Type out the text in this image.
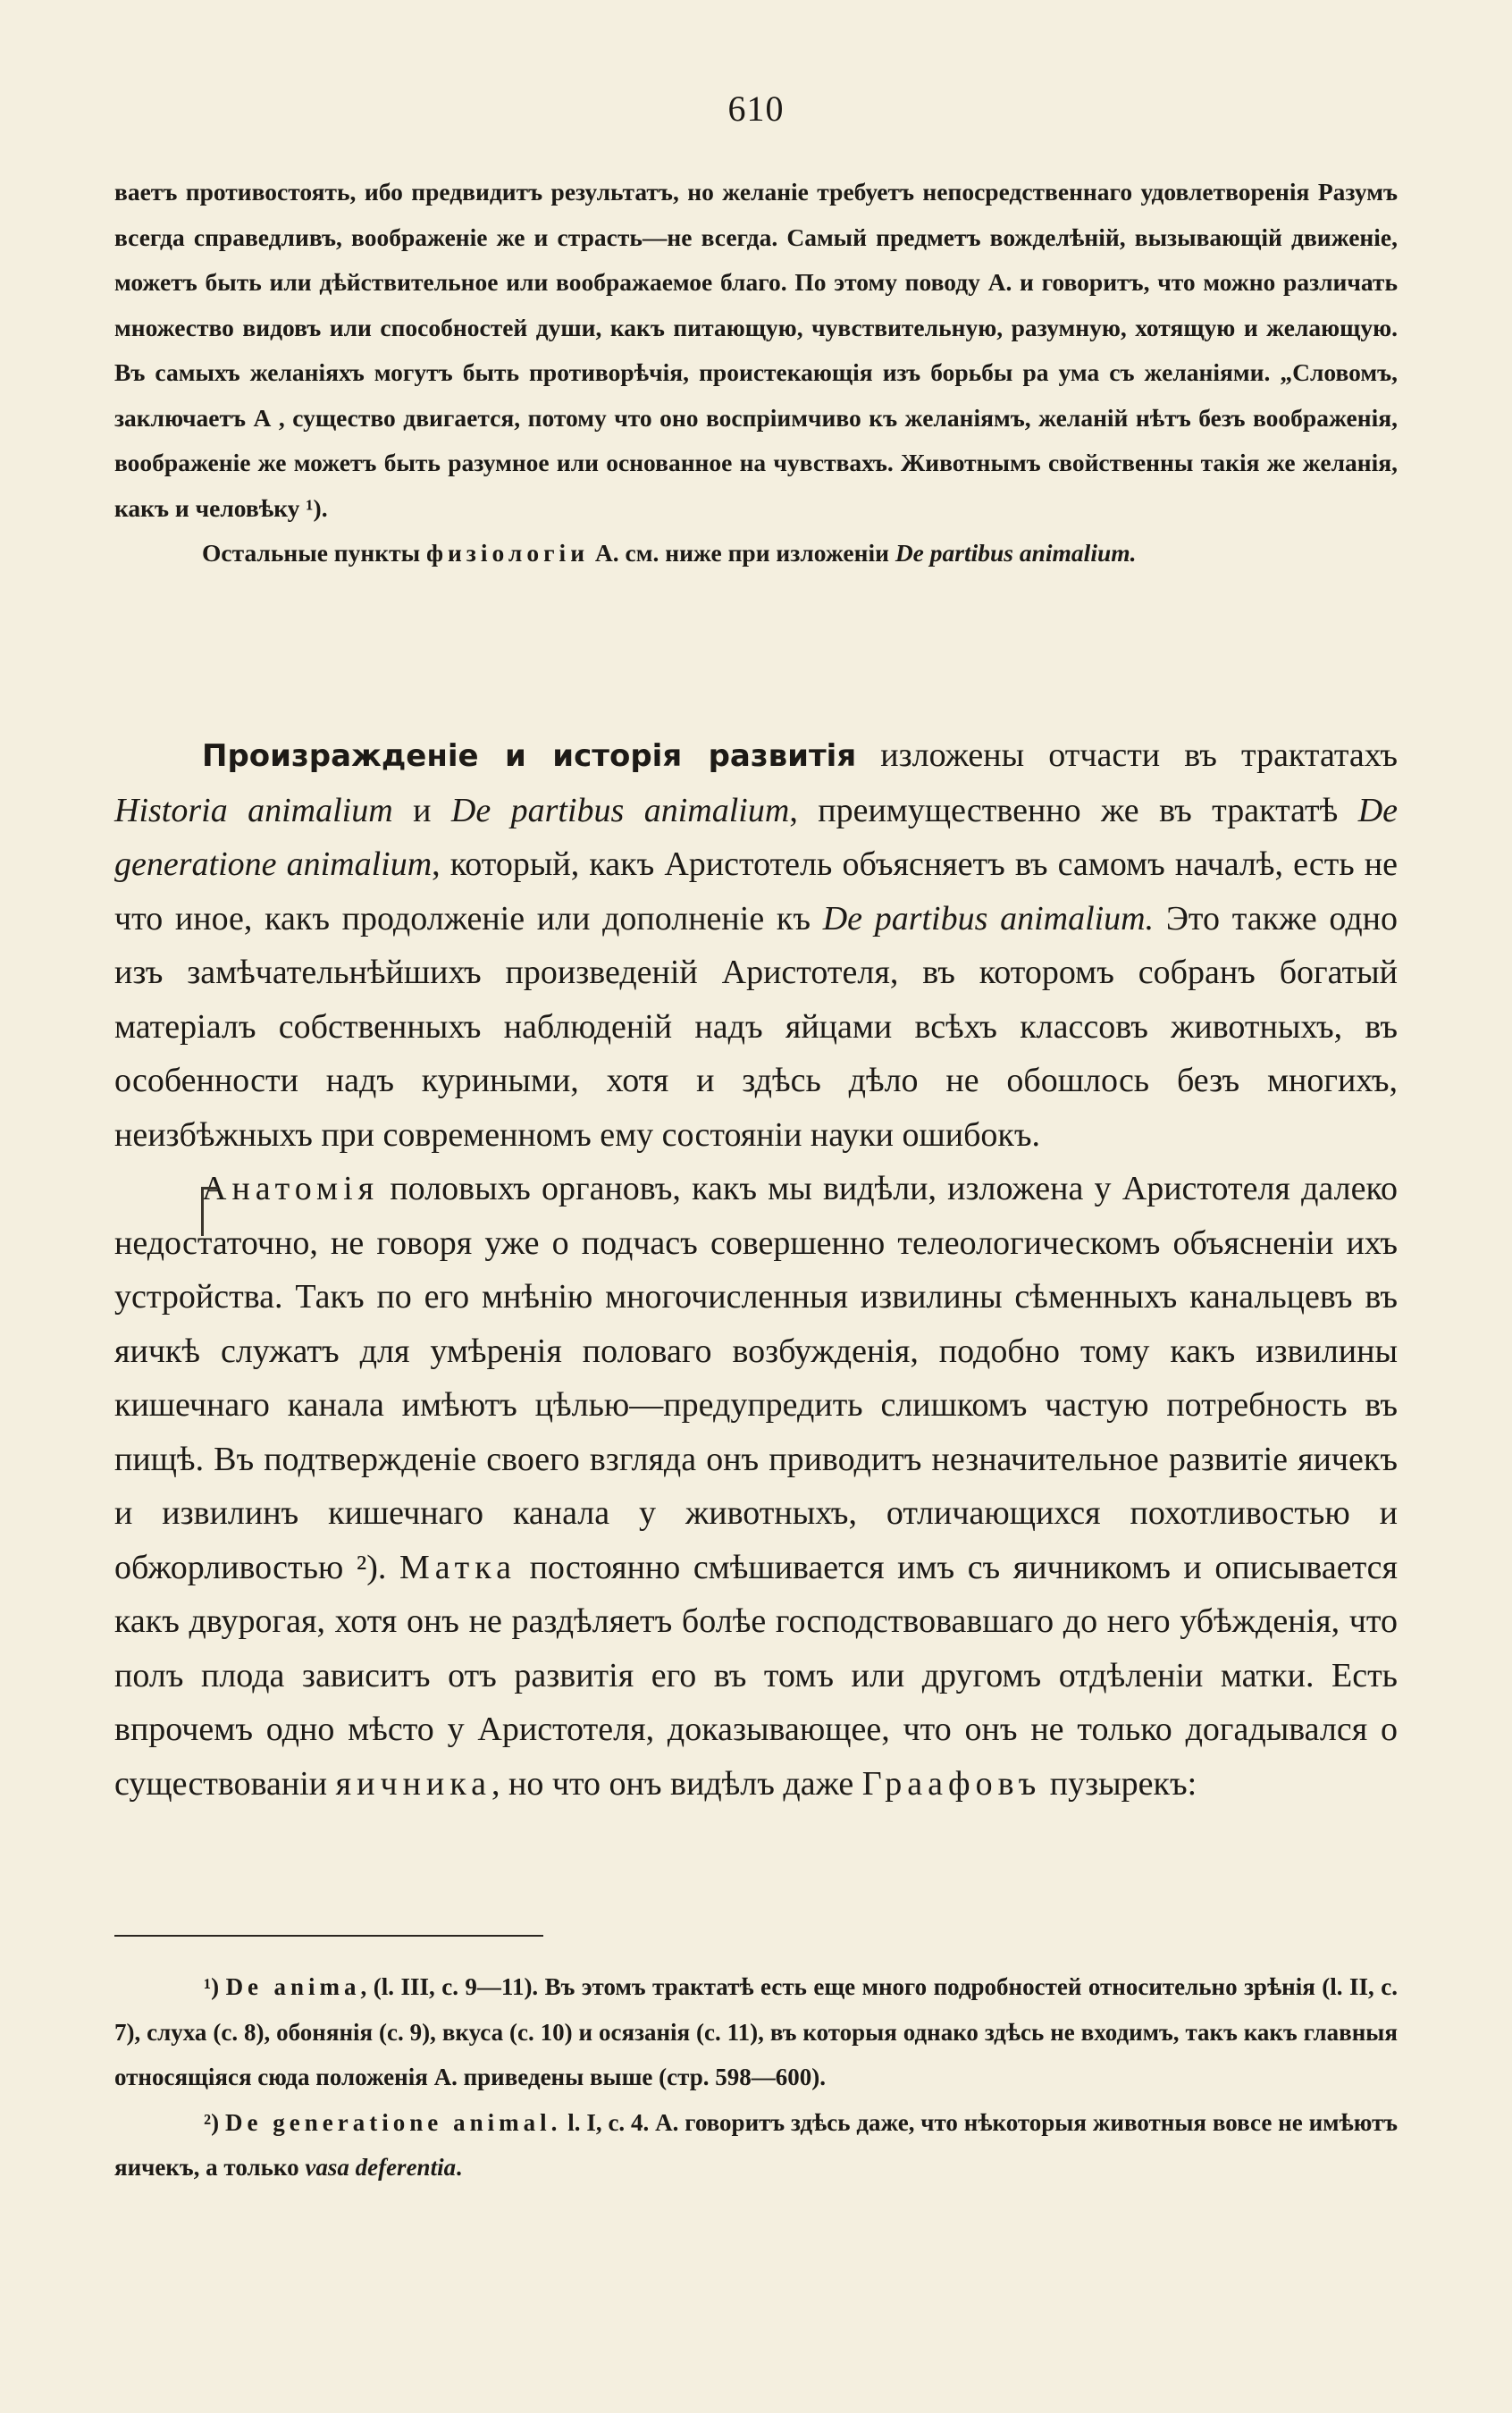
610

ваетъ противостоять, ибо предвидитъ результатъ, но желаніе требуетъ непосредственнаго удовлетворенія Разумъ всегда справедливъ, воображеніе же и страсть—не всегда. Самый предметъ вожделѣній, вызывающій движеніе, можетъ быть или дѣйствительное или воображаемое благо. По этому поводу А. и говоритъ, что можно различать множество видовъ или способностей души, какъ питающую, чувствительную, разумную, хотящую и желающую. Въ самыхъ желаніяхъ могутъ быть противорѣчія, проистекающія изъ борьбы ра ума съ желаніями. „Словомъ, заключаетъ А , существо двигается, потому что оно воспріимчиво къ желаніямъ, желаній нѣтъ безъ воображенія, воображеніе же можетъ быть разумное или основанное на чувствахъ. Животнымъ свойственны такія же желанія, какъ и человѣку ¹).

Остальные пункты физіологіи А. см. ниже при изложеніи De partibus animalium.

Произражденіе и исторія развитія изложены отчасти въ трактатахъ Historia animalium и De partibus animalium, преимущественно же въ трактатѣ De generatione animalium, который, какъ Аристотель объясняетъ въ самомъ началѣ, есть не что иное, какъ продолженіе или дополненіе къ De partibus animalium. Это также одно изъ замѣчательнѣйшихъ произведеній Аристотеля, въ которомъ собранъ богатый матеріалъ собственныхъ наблюденій надъ яйцами всѣхъ классовъ животныхъ, въ особенности надъ куриными, хотя и здѣсь дѣло не обошлось безъ многихъ, неизбѣжныхъ при современномъ ему состояніи науки ошибокъ.

Анатомія половыхъ органовъ, какъ мы видѣли, изложена у Аристотеля далеко недостаточно, не говоря уже о подчасъ совершенно телеологическомъ объясненіи ихъ устройства. Такъ по его мнѣнію многочисленныя извилины сѣменныхъ канальцевъ въ яичкѣ служатъ для умѣренія половаго возбужденія, подобно тому какъ извилины кишечнаго канала имѣютъ цѣлью—предупредить слишкомъ частую потребность въ пищѣ. Въ подтвержденіе своего взгляда онъ приводитъ незначительное развитіе яичекъ и извилинъ кишечнаго канала у животныхъ, отличающихся похотливостью и обжорливостью ²). Матка постоянно смѣшивается имъ съ яичникомъ и описывается какъ двурогая, хотя онъ не раздѣляетъ болѣе господствовавшаго до него убѣжденія, что полъ плода зависитъ отъ развитія его въ томъ или другомъ отдѣленіи матки. Есть впрочемъ одно мѣсто у Аристотеля, доказывающее, что онъ не только догадывался о существованіи яичника, но что онъ видѣлъ даже Граафовъ пузырекъ:

¹) De anima, (l. III, c. 9—11). Въ этомъ трактатѣ есть еще много подробностей относительно зрѣнія (l. II, c. 7), слуха (c. 8), обонянія (c. 9), вкуса (c. 10) и осязанія (c. 11), въ которыя однако здѣсь не входимъ, такъ какъ главныя относящіяся сюда положенія А. приведены выше (стр. 598—600).

²) De generatione animal. l. I, c. 4. А. говоритъ здѣсь даже, что нѣкоторыя животныя вовсе не имѣютъ яичекъ, а только vasa deferentia.
